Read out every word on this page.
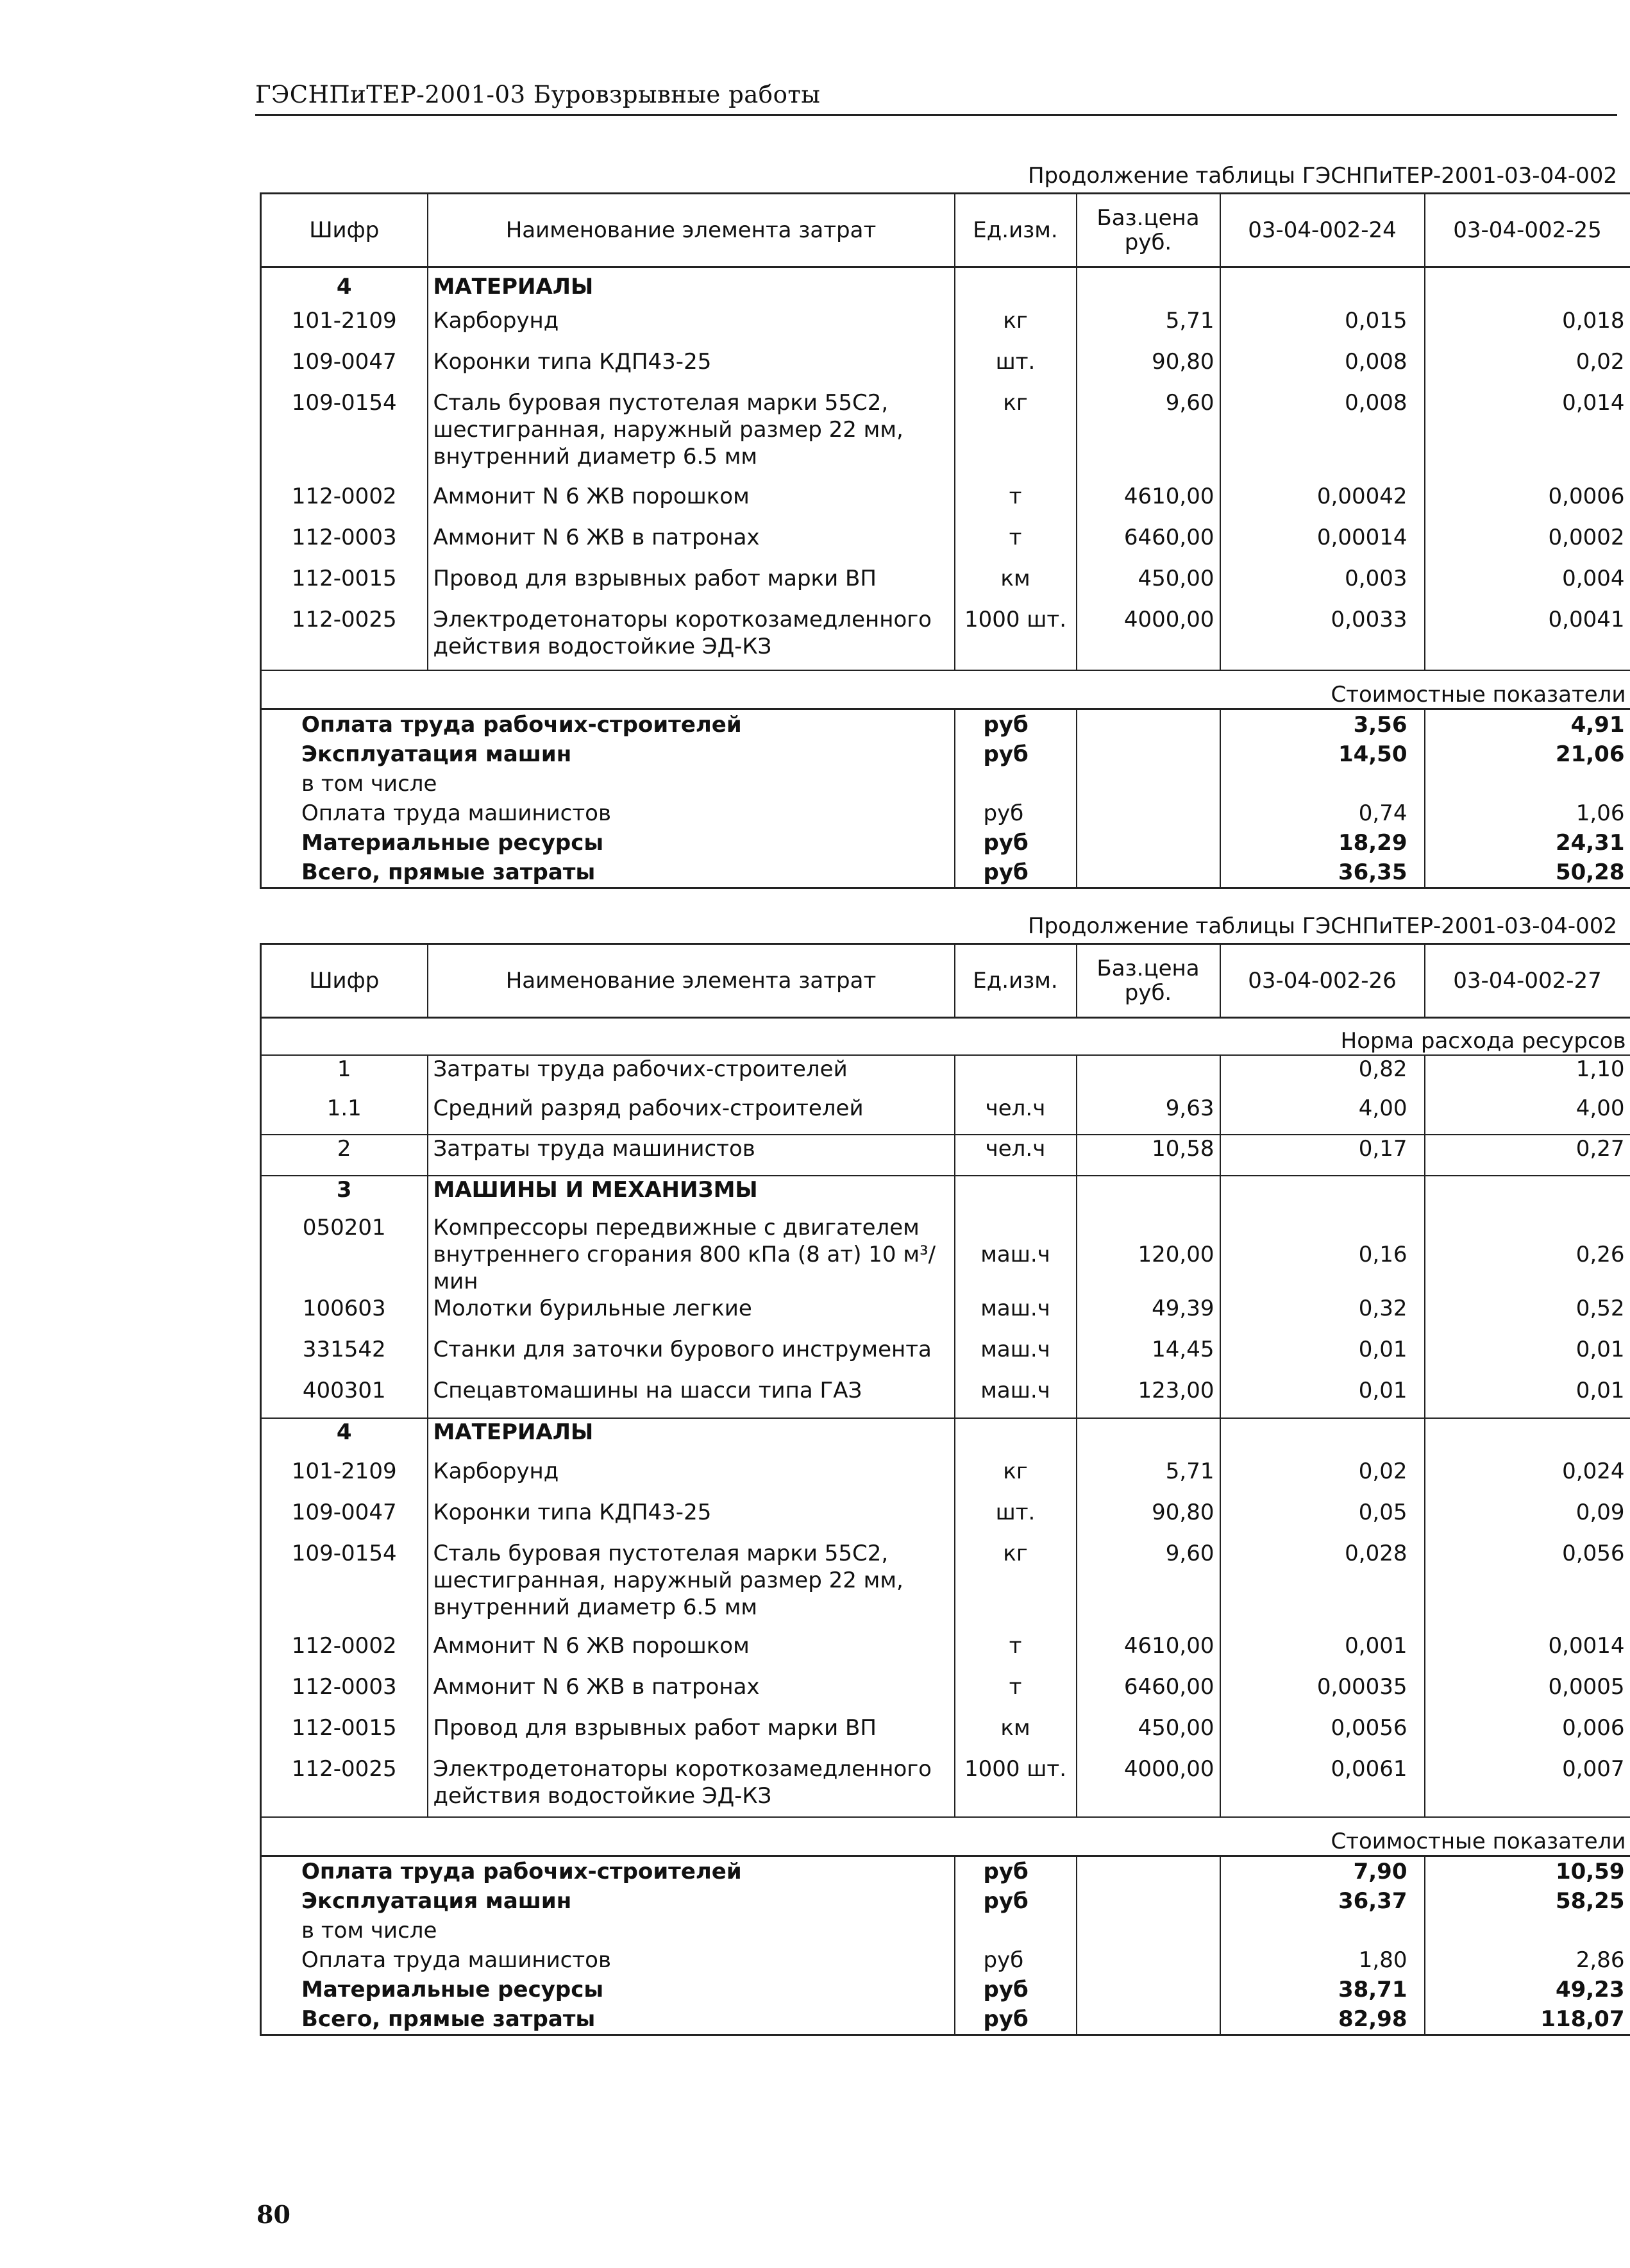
ГЭСНПиТЕР-2001-03 Буровзрывные работы
Продолжение таблицы ГЭСНПиТЕР-2001-03-04-002
Шифр	Наименование элемента затрат	Ед.изм.	Баз.цена руб.	03-04-002-24	03-04-002-25
4	МАТЕРИАЛЫ				
101-2109	Карборунд	кг	5,71	0,015	0,018
109-0047	Коронки типа КДП43-25	шт.	90,80	0,008	0,02
109-0154	Сталь буровая пустотелая марки 55С2, шестигранная, наружный размер 22 мм, внутренний диаметр 6.5 мм	кг	9,60	0,008	0,014
112-0002	Аммонит N 6 ЖВ порошком	т	4610,00	0,00042	0,0006
112-0003	Аммонит N 6 ЖВ в патронах	т	6460,00	0,00014	0,0002
112-0015	Провод для взрывных работ марки ВП	км	450,00	0,003	0,004
112-0025	Электродетонаторы короткозамедленного действия водостойкие ЭД-КЗ	1000 шт.	4000,00	0,0033	0,0041
Стоимостные показатели					
Оплата труда рабочих-строителей		руб		3,56	4,91
Эксплуатация машин		руб		14,50	21,06
в том числе					
Оплата труда машинистов		руб		0,74	1,06
Материальные ресурсы		руб		18,29	24,31
Всего, прямые затраты		руб		36,35	50,28
Продолжение таблицы ГЭСНПиТЕР-2001-03-04-002
Шифр	Наименование элемента затрат	Ед.изм.	Баз.цена руб.	03-04-002-26	03-04-002-27
Норма расхода ресурсов					
1	Затраты труда рабочих-строителей			0,82	1,10
1.1	Средний разряд рабочих-строителей	чел.ч	9,63	4,00	4,00
2	Затраты труда машинистов	чел.ч	10,58	0,17	0,27
3	МАШИНЫ И МЕХАНИЗМЫ				
050201	Компрессоры передвижные с двигателем внутреннего сгорания 800 кПа (8 ат) 10 м³/мин	маш.ч	120,00	0,16	0,26
100603	Молотки бурильные легкие	маш.ч	49,39	0,32	0,52
331542	Станки для заточки бурового инструмента	маш.ч	14,45	0,01	0,01
400301	Спецавтомашины на шасси типа ГАЗ	маш.ч	123,00	0,01	0,01
4	МАТЕРИАЛЫ				
101-2109	Карборунд	кг	5,71	0,02	0,024
109-0047	Коронки типа КДП43-25	шт.	90,80	0,05	0,09
109-0154	Сталь буровая пустотелая марки 55С2, шестигранная, наружный размер 22 мм, внутренний диаметр 6.5 мм	кг	9,60	0,028	0,056
112-0002	Аммонит N 6 ЖВ порошком	т	4610,00	0,001	0,0014
112-0003	Аммонит N 6 ЖВ в патронах	т	6460,00	0,00035	0,0005
112-0015	Провод для взрывных работ марки ВП	км	450,00	0,0056	0,006
112-0025	Электродетонаторы короткозамедленного действия водостойкие ЭД-КЗ	1000 шт.	4000,00	0,0061	0,007
Стоимостные показатели					
Оплата труда рабочих-строителей		руб		7,90	10,59
Эксплуатация машин		руб		36,37	58,25
в том числе					
Оплата труда машинистов		руб		1,80	2,86
Материальные ресурсы		руб		38,71	49,23
Всего, прямые затраты		руб		82,98	118,07
80
